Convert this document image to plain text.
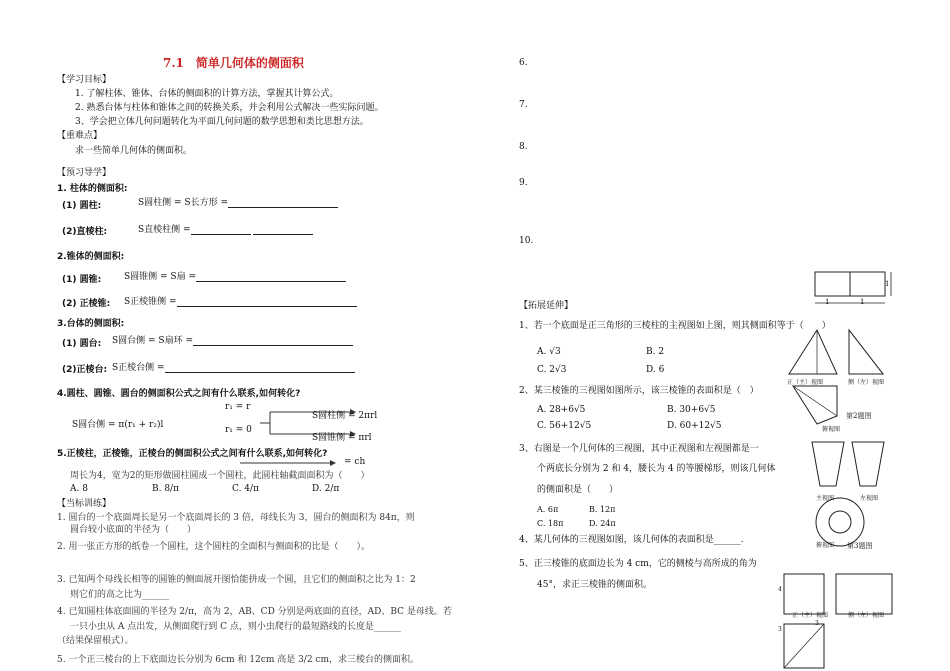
7.1　简单几何体的侧面积
【学习目标】
1. 了解柱体、锥体、台体的侧面积的计算方法，掌握其计算公式。
2. 熟悉台体与柱体和锥体之间的转换关系，并会利用公式解决一些实际问题。
3、学会把立体几何问题转化为平面几何问题的数学思想和类比思想方法。
【重难点】
求一些简单几何体的侧面积。
【预习导学】
1. 柱体的侧面积:
(1) 圆柱:	S圆柱侧 = S长方形 =
(2)直棱柱:	S直棱柱侧 =
2.锥体的侧面积:
(1) 圆锥:	S圆锥侧 = S扇 =
(2) 正棱锥: S正棱锥侧 =
3.台体的侧面积:
(1) 圆台: S圆台侧 = S扇环 =
(2)正棱台: S正棱台侧 =
4.圆柱、圆锥、圆台的侧面积公式之间有什么联系,如何转化?
S圆台侧 = π(r₁ + r₂)l
r₁ = r
r₁ = 0
S圆柱侧 = 2πrl
S圆锥侧 = πrl
5.正棱柱，正棱锥，正棱台的侧面积公式之间有什么联系,如何转化?
= ch
周长为4，宽为2的矩形做圆柱圆成一个圆柱，此圆柱轴截面面积为（　　）
A. 8	B. 8/π	C. 4/π	D. 2/π
【当标训练】
1. 圆台的一个底面周长是另一个底面周长的 3 倍，母线长为 3，圆台的侧面积为 84π，则
圆台较小底面的半径为（　　）
2. 用一张正方形的纸卷一个圆柱，这个圆柱的全面积与侧面积的比是（　　）。
3. 已知两个母线长相等的圆锥的侧面展开图恰能拼成一个圆，且它们的侧面积之比为 1：2
则它们的高之比为______
4. 已知圆柱体底面圆的半径为 2/π，高为 2，AB、CD 分别是两底面的直径，AD、BC 是母线。若
一只小虫从 A 点出发，从侧面爬行到 C 点，则小虫爬行的最短路线的长度是______
（结果保留根式）。
5. 一个正三棱台的上下底面边长分别为 6cm 和 12cm 高是 3/2 cm，求三棱台的侧面积。
6.
7.
8.
9.
10.
1	1
1
【拓展延伸】
1、若一个底面是正三角形的三棱柱的主视图如上图，则其侧面积等于（　　）
A. √3	B. 2
C. 2√3	D. 6
2、某三棱锥的三视图如图所示，该三棱锥的表面积是（　）
A. 28+6√5	B. 30+6√5
C. 56+12√5	D. 60+12√5
正（主）视图	侧（左）视图
俯视图
第2题图
3、右图是一个几何体的三视图，其中正视图和左视图都是一
个两底长分别为 2 和 4，腰长为 4 的等腰梯形，则该几何体
的侧面积是（　　）
A. 6π	B. 12π
C. 18π	D. 24π
主视图	左视图
俯视图 第3题图
4、某几何体的三视图如图，该几何体的表面积是______.
5、正三棱锥的底面边长为 4 cm，它的侧棱与高所成的角为
45°，求正三棱锥的侧面积。	4
正（主）视图	侧（左）视图
3
3
